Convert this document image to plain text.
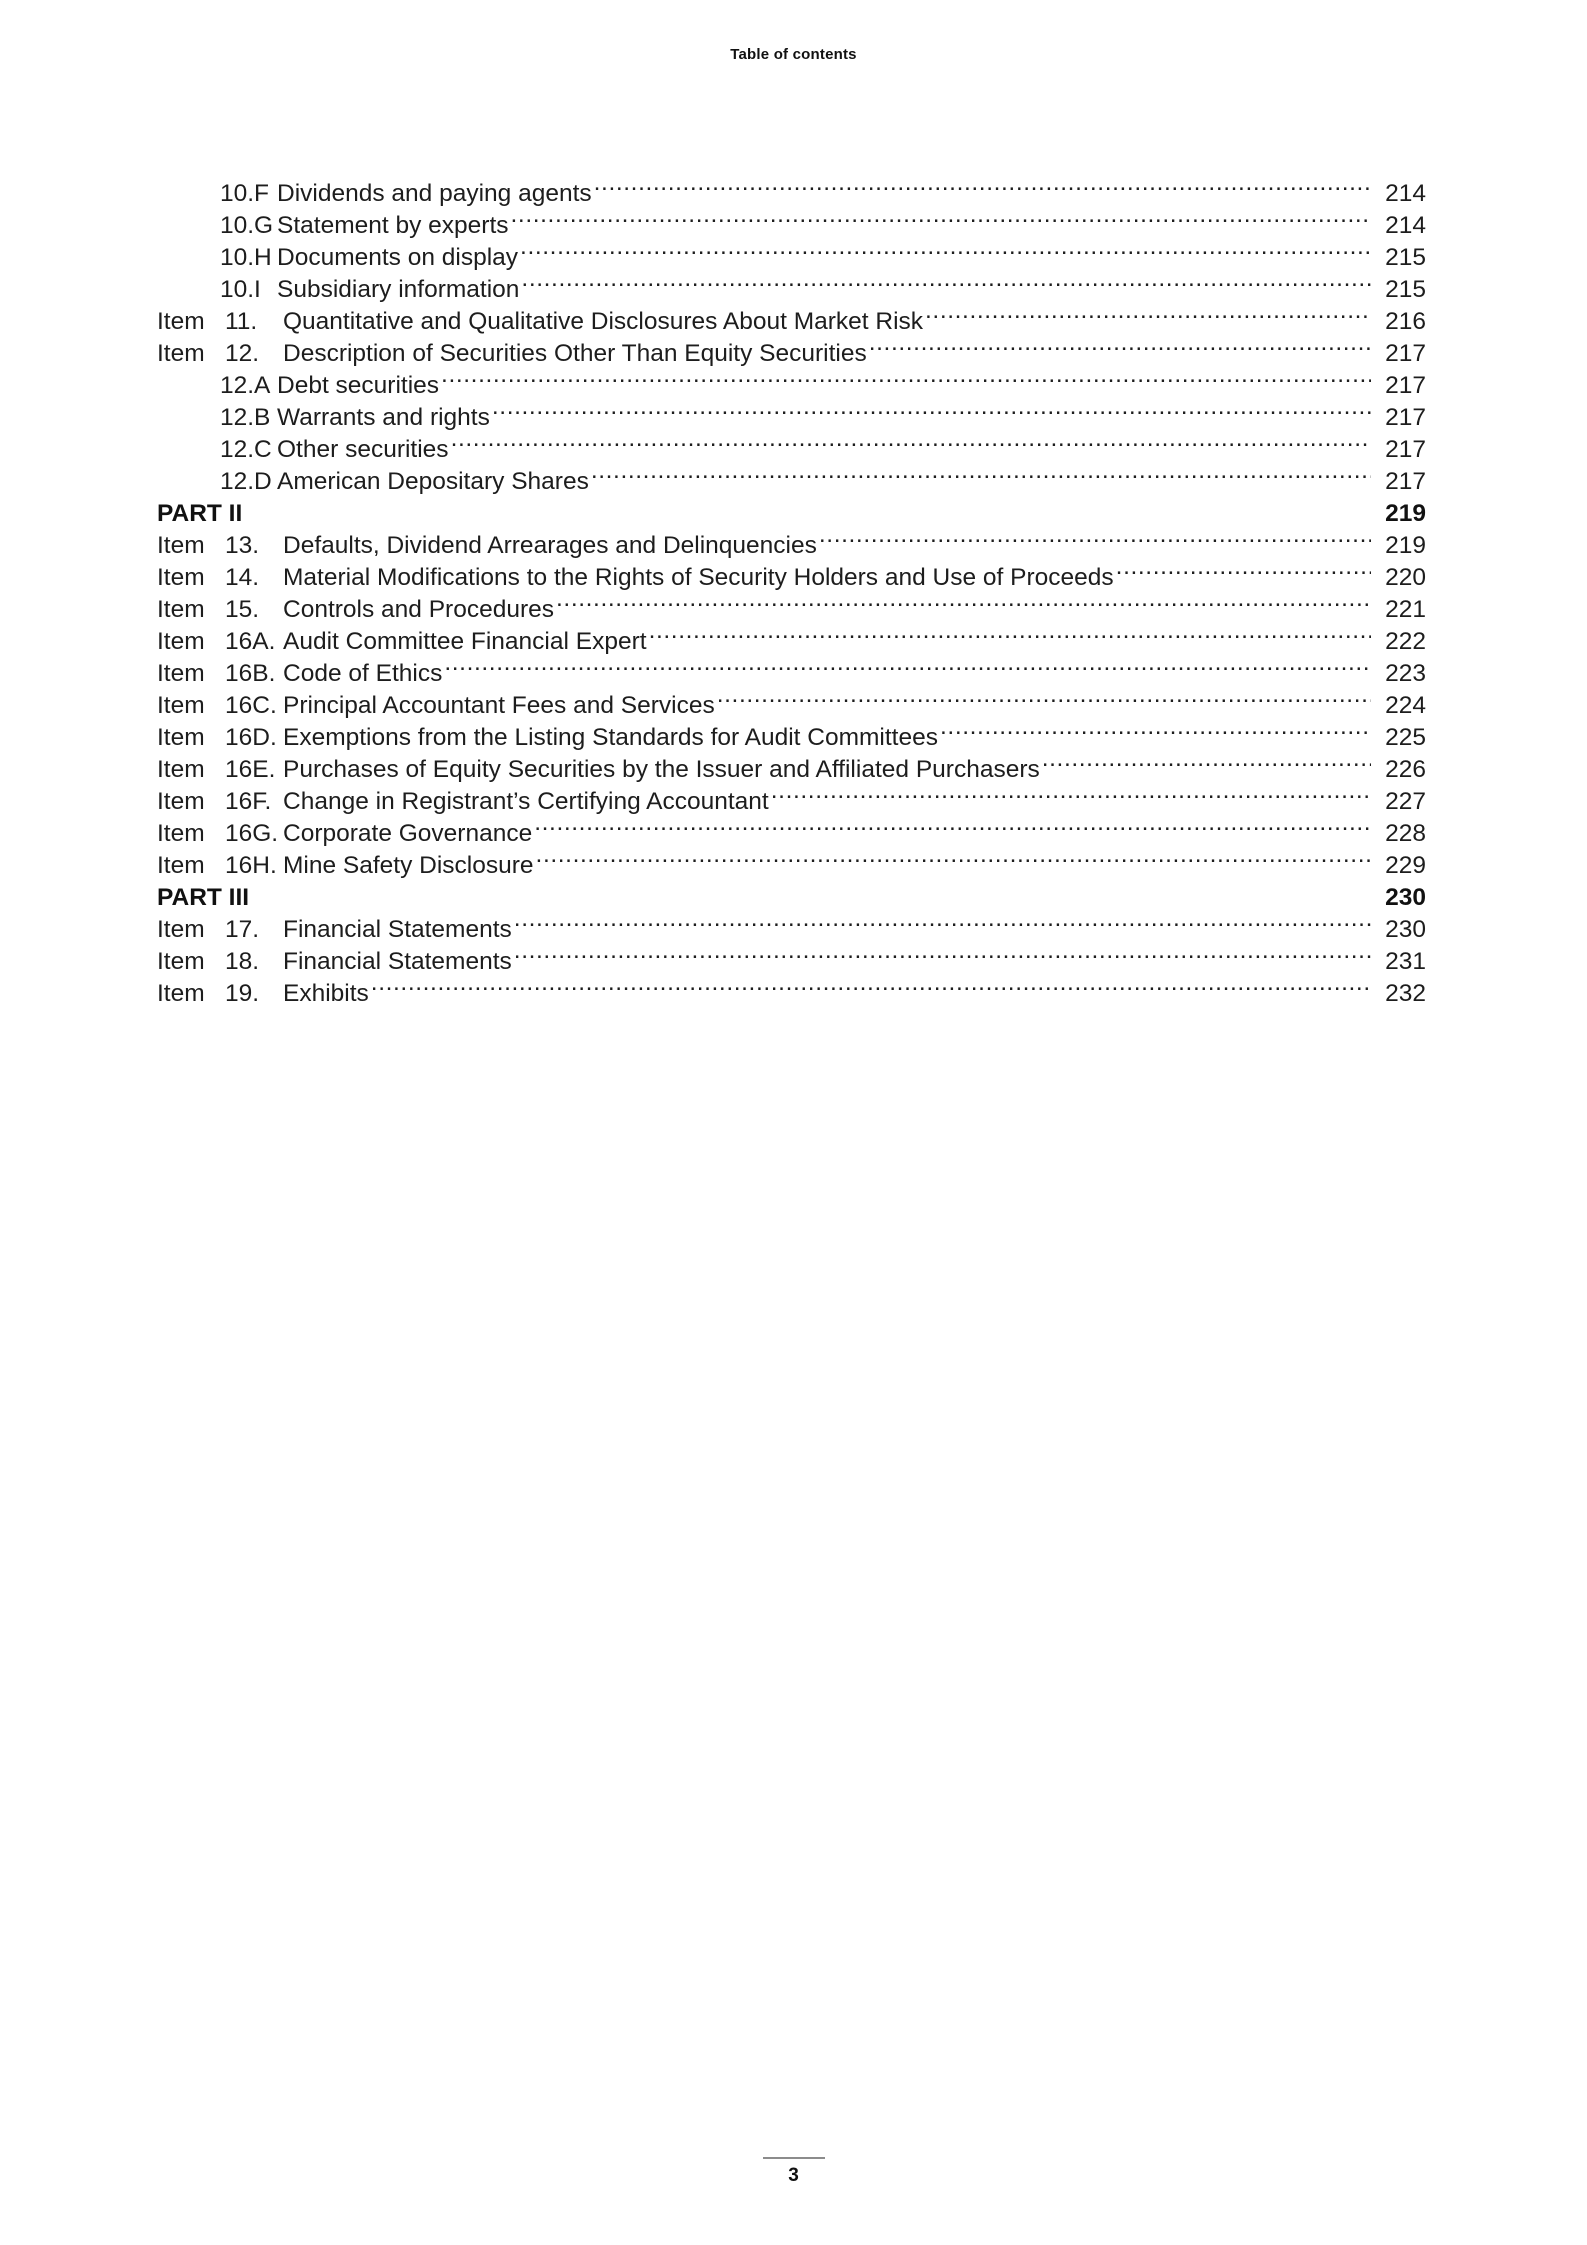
Table of contents
10.F Dividends and paying agents .....	214
10.G Statement by experts .....	214
10.H Documents on display .....	215
10.I Subsidiary information .....	215
Item 11.	Quantitative and Qualitative Disclosures About Market Risk .....	216
Item 12. Description of Securities Other Than Equity Securities .....	217
12.A Debt securities .....	217
12.B Warrants and rights .....	217
12.C Other securities .....	217
12.D American Depositary Shares .....	217
PART II	219
Item 13. Defaults, Dividend Arrearages and Delinquencies .....	219
Item 14. Material Modifications to the Rights of Security Holders and Use of Proceeds .....	220
Item 15. Controls and Procedures .....	221
Item 16A. Audit Committee Financial Expert .....	222
Item 16B. Code of Ethics .....	223
Item 16C. Principal Accountant Fees and Services .....	224
Item 16D. Exemptions from the Listing Standards for Audit Committees .....	225
Item 16E. Purchases of Equity Securities by the Issuer and Affiliated Purchasers .....	226
Item 16F. Change in Registrant’s Certifying Accountant .....	227
Item 16G. Corporate Governance .....	228
Item 16H. Mine Safety Disclosure .....	229
PART III	230
Item 17. Financial Statements .....	230
Item 18. Financial Statements .....	231
Item 19. Exhibits .....	232
3
